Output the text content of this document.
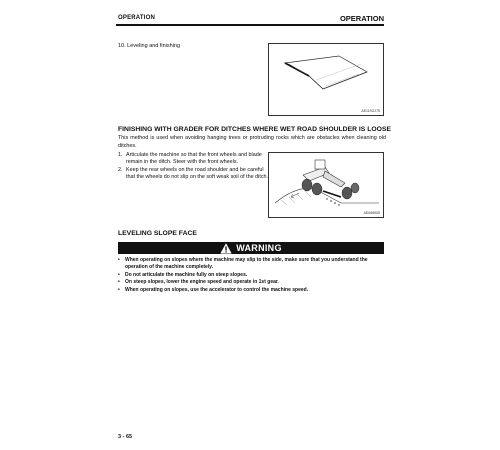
OPERATION	OPERATION
10. Leveling and finishing
AE119GJ75
FINISHING WITH GRADER FOR DITCHES WHERE WET ROAD SHOULDER IS LOOSE
This method is used when avoiding hanging trees or protruding rocks which are obstacles when cleaning old ditches.
1. Articulate the machine so that the front wheels and blade remain in the ditch. Steer with the front wheels.
2. Keep the rear wheels on the road shoulder and be careful that the wheels do not slip on the soft weak soil of the ditch.
AE068905
LEVELING SLOPE FACE
WARNING
• When operating on slopes where the machine may slip to the side, make sure that you understand the operation of the machine completely.
• Do not articulate the machine fully on steep slopes.
• On steep slopes, lower the engine speed and operate in 1st gear.
• When operating on slopes, use the accelerator to control the machine speed.
3 - 65
